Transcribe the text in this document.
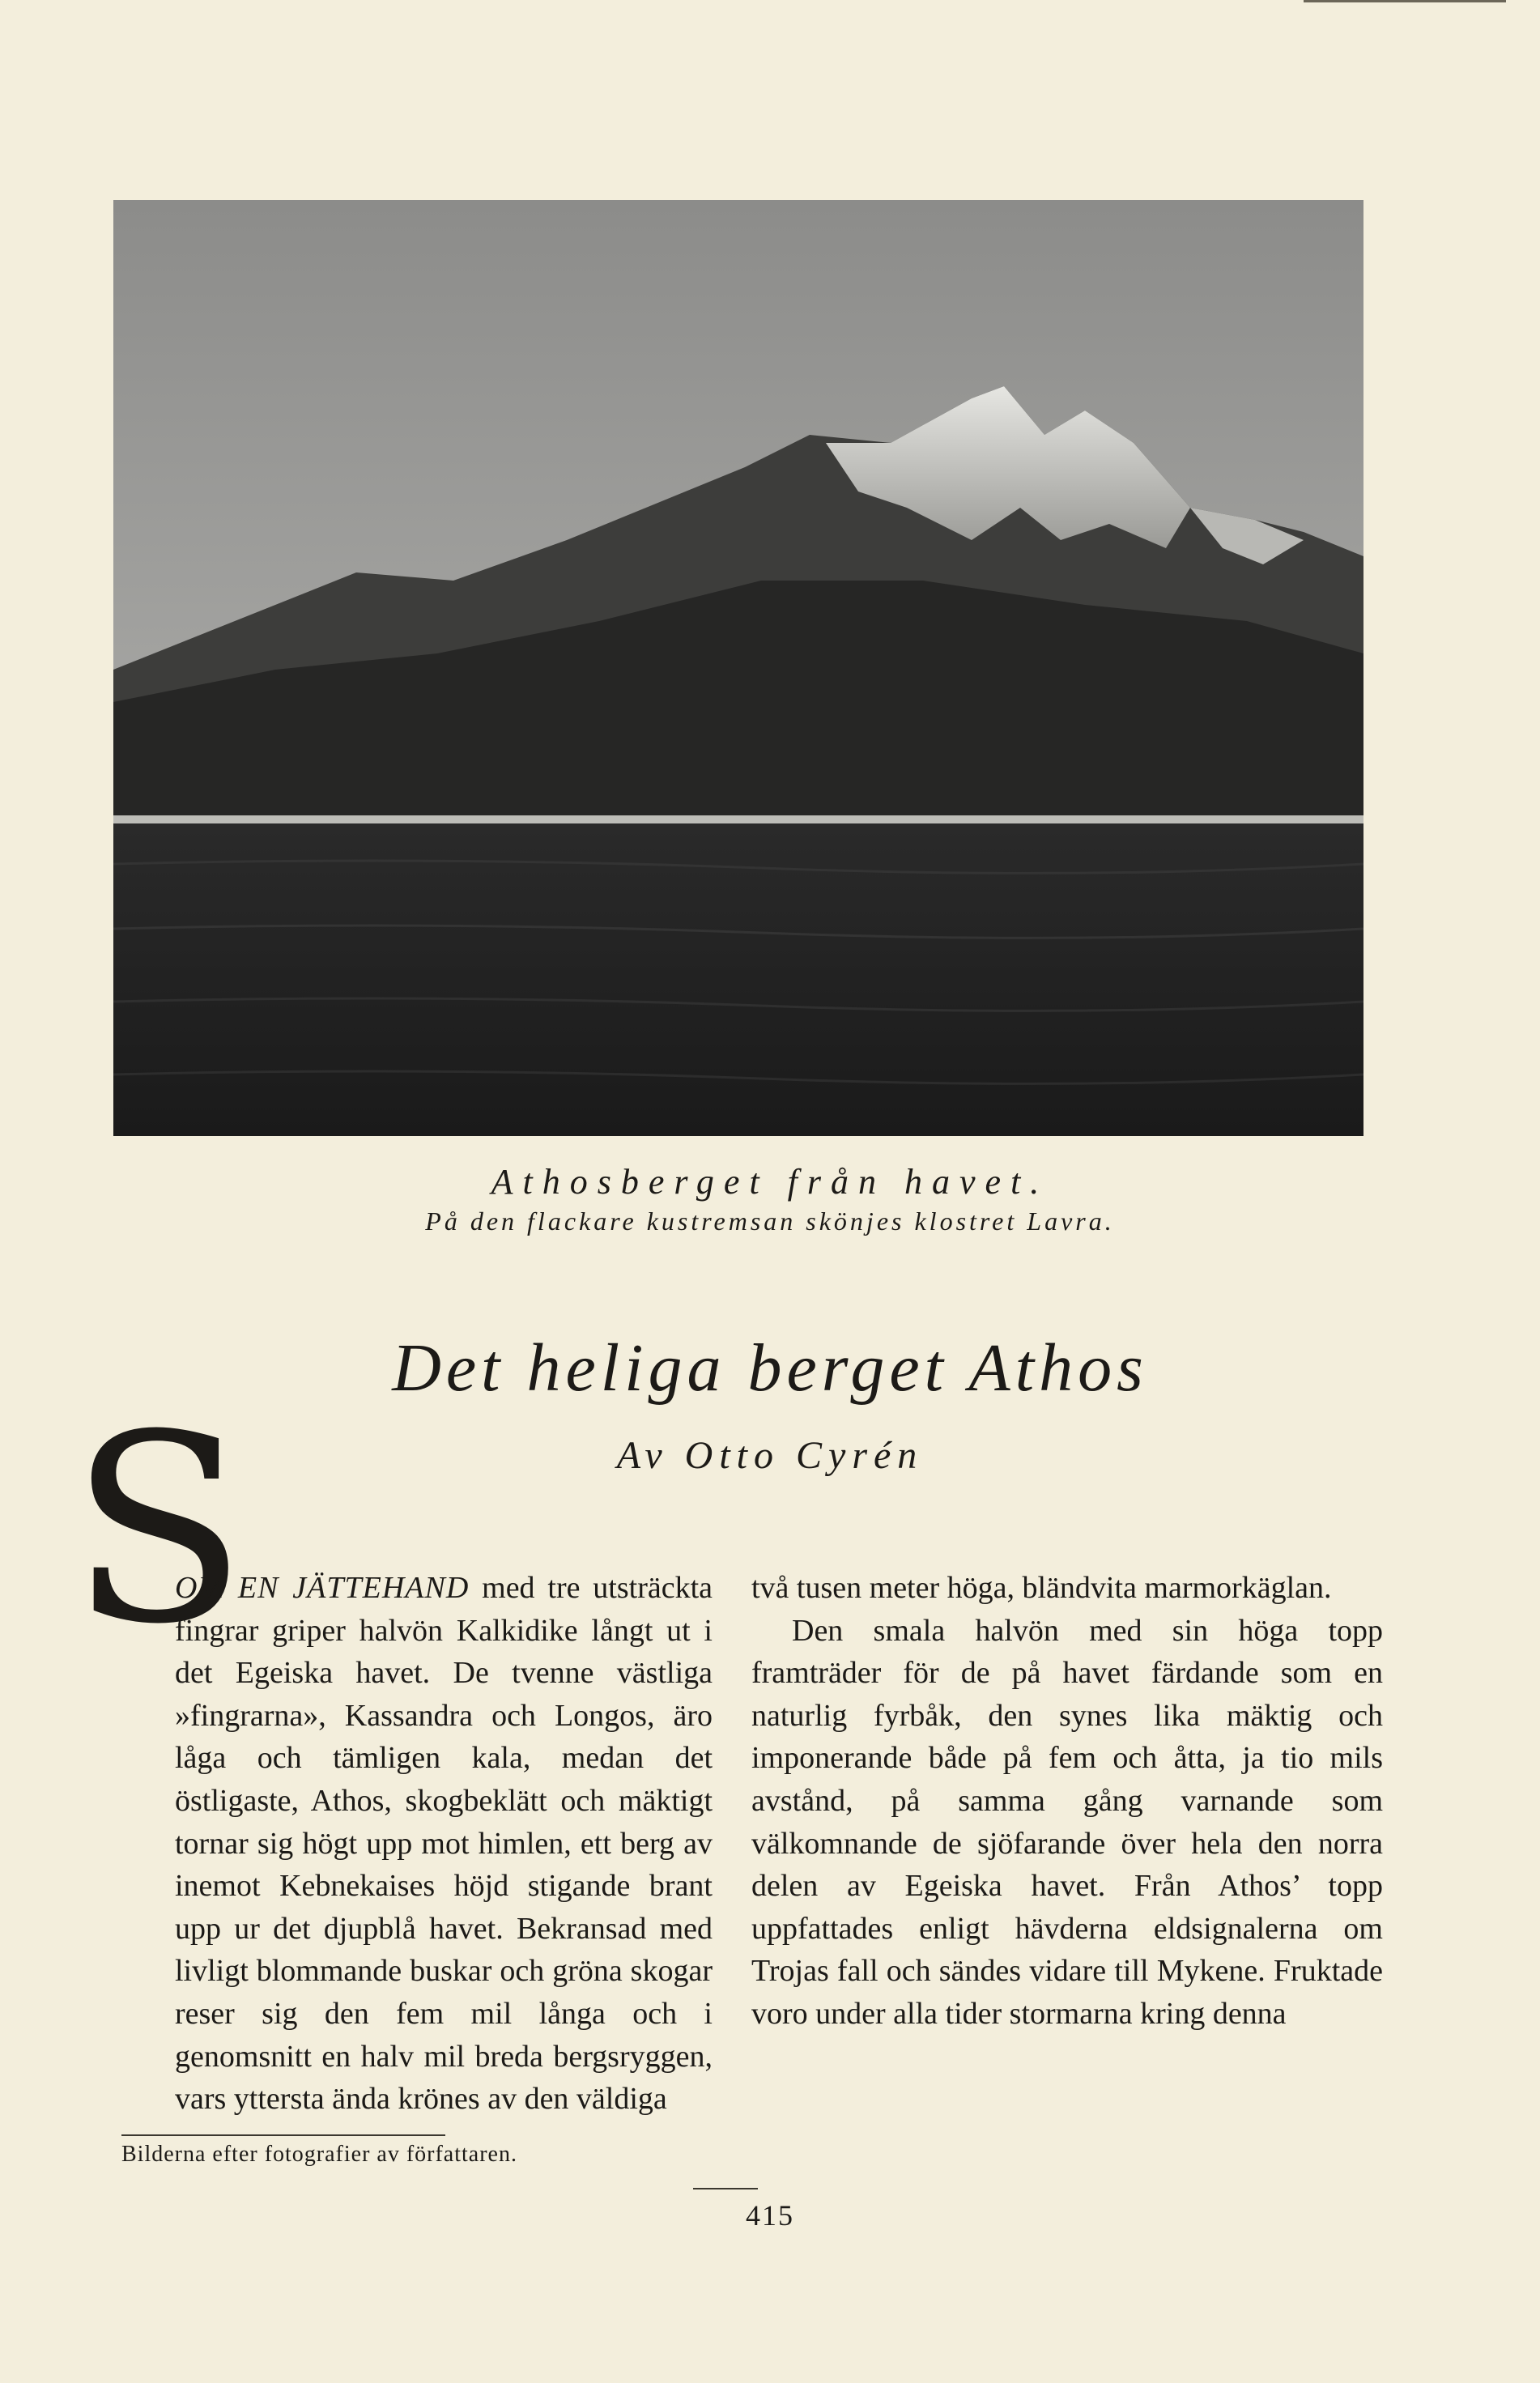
Athosberget från havet.
På den flackare kustremsan skönjes klostret Lavra.
Det heliga berget Athos
Av Otto Cyrén
S

OM EN JÄTTEHAND med tre utsträckta fingrar griper halvön Kalkidike långt ut i det Egeiska havet. De tvenne västliga »fingrarna», Kassandra och Longos, äro låga och tämligen kala, medan det östligaste, Athos, skogbeklätt och mäktigt tornar sig högt upp mot himlen, ett berg av inemot Kebnekaises höjd stigande brant upp ur det djupblå havet. Bekransad med livligt blommande buskar och gröna skogar reser sig den fem mil långa och i genomsnitt en halv mil breda bergsryggen, vars yttersta ända krönes av den väldiga

två tusen meter höga, bländvita marmorkäglan.

Den smala halvön med sin höga topp framträder för de på havet färdande som en naturlig fyrbåk, den synes lika mäktig och imponerande både på fem och åtta, ja tio mils avstånd, på samma gång varnande som välkomnande de sjöfarande över hela den norra delen av Egeiska havet. Från Athos’ topp uppfattades enligt hävderna eldsignalerna om Trojas fall och sändes vidare till Mykene. Fruktade voro under alla tider stormarna kring denna

Bilderna efter fotografier av författaren.
415
